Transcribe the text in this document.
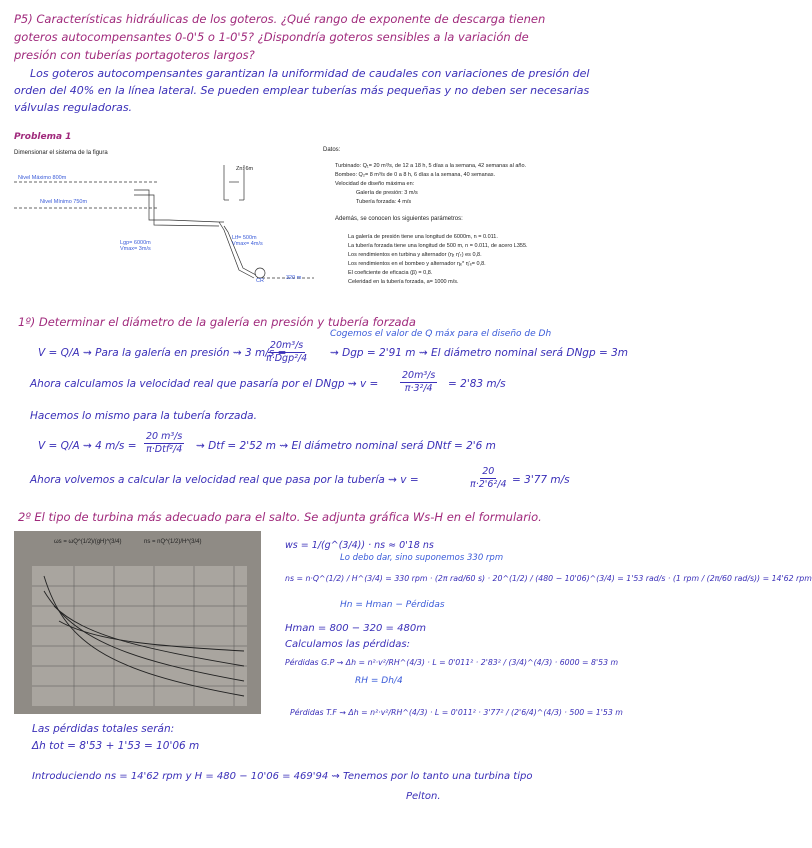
P5) Características hidráulicas de los goteros. ¿Qué rango de exponente de descarga tienen
goteros autocompensantes 0-0'5 o 1-0'5? ¿Dispondría goteros sensibles a la variación de
presión con tuberías portagoteros largos?
Los goteros autocompensantes garantizan la uniformidad de caudales con variaciones de presión del
orden del 40% en la línea lateral. Se pueden emplear tuberías más pequeñas y no deben ser necesarias
válvulas reguladoras.
Problema 1
Dimensionar el sistema de la figura
Zn: 6m
Nivel Máximo 800m
Nivel Mínimo 750m
Lgp= 6000m
Vmax= 3m/s
Ltf= 500m
Vmax= 4m/s
CR	320 m
Datos:
Turbinado: Q₁= 20 m³/s, de 12 a 18 h, 5 días a la semana, 42 semanas al año.
Bombeo: Q₂= 8 m³/s de 0 a 8 h, 6 días a la semana, 40 semanas.
Velocidad de diseño máxima en:
Galería de presión: 3 m/s
Tubería forzada: 4 m/s
Además, se conocen los siguientes parámetros:
La galería de presión tiene una longitud de 6000m, n = 0.011.
La tubería forzada tiene una longitud de 500 m, n = 0.011, de acero L355.
Los rendimientos en turbina y alternador (ηₜ η'ₜ) es 0,8.
Los rendimientos en el bombeo y alternador ηₑ* η'ₑ= 0,8.
El coeficiente de eficacia (β) = 0,8.
Celeridad en la tubería forzada, a= 1000 m/s.
1º) Determinar el diámetro de la galería en presión y tubería forzada
Cogemos el valor de Q máx para el diseño de Dh
V = Q/A ⇝ Para la galería en presión ⇝ 3 m/s =
$\frac{\text{20m³/s}}{\text{π·Dgp²/4}}$ ⇝ Dgp = 2'91 m ⇝ El diámetro nominal será DNgp = 3m
Ahora calculamos la velocidad real que pasaría por el DNgp ⇝ $v = \frac{\text{20m³/s}}{\text{π·3²/4}} = 2'83$ m/s
Hacemos lo mismo para la tubería forzada.
V = Q/A ⇝ 4 $m/s = \frac{\text{20 m³/s}}{\text{π·Dtf²/4}}$ ⇝ Dtf = 2'52 m ⇝ El diámetro nominal será DNtf = 2'6 m
Ahora volvemos a calcular la velocidad real que pasa por la tubería ⇝ v =	$\frac{20}{\text{π·2'6²/4}} = 3'77$ m/s
2º El tipo de turbina más adecuado para el salto. Se adjunta gráfica Ws-H en el formulario.
ωs = ωQ^(1/2)/(gH)^(3/4)	ns = nQ^(1/2)/H^(3/4)	ws = 1/(g^(3/4)) · ns ≈ 0'18 ns
Lo debo dar, sino suponemos 330 rpm
ns = n·Q^(1/2) / H^(3/4) = 330 rpm · (2π rad/60 s) · 20^(1/2) / (480 − 10'06)^(3/4) = 1'53 rad/s · (1 rpm / (2π/60 rad/s)) = 14'62 rpm
Hn = Hman − Pérdidas
Hman = 800 − 320 = 480m
Calculamos las pérdidas:
Pérdidas G.P ⇝ Δh = n²·v²/RH^(4/3) · L = 0'011² · 2'83² / (3/4)^(4/3) · 6000 = 8'53 m
RH = Dh/4
Pérdidas T.F ⇝ Δh = n²·v²/RH^(4/3) · L = 0'011² · 3'77² / (2'6/4)^(4/3) · 500 = 1'53 m
Las pérdidas totales serán:
Δh tot = 8'53 + 1'53 = 10'06 m
Introduciendo ns = 14'62 rpm y H = 480 − 10'06 = 469'94 ⇝ Tenemos por lo tanto una turbina tipo
Pelton.
